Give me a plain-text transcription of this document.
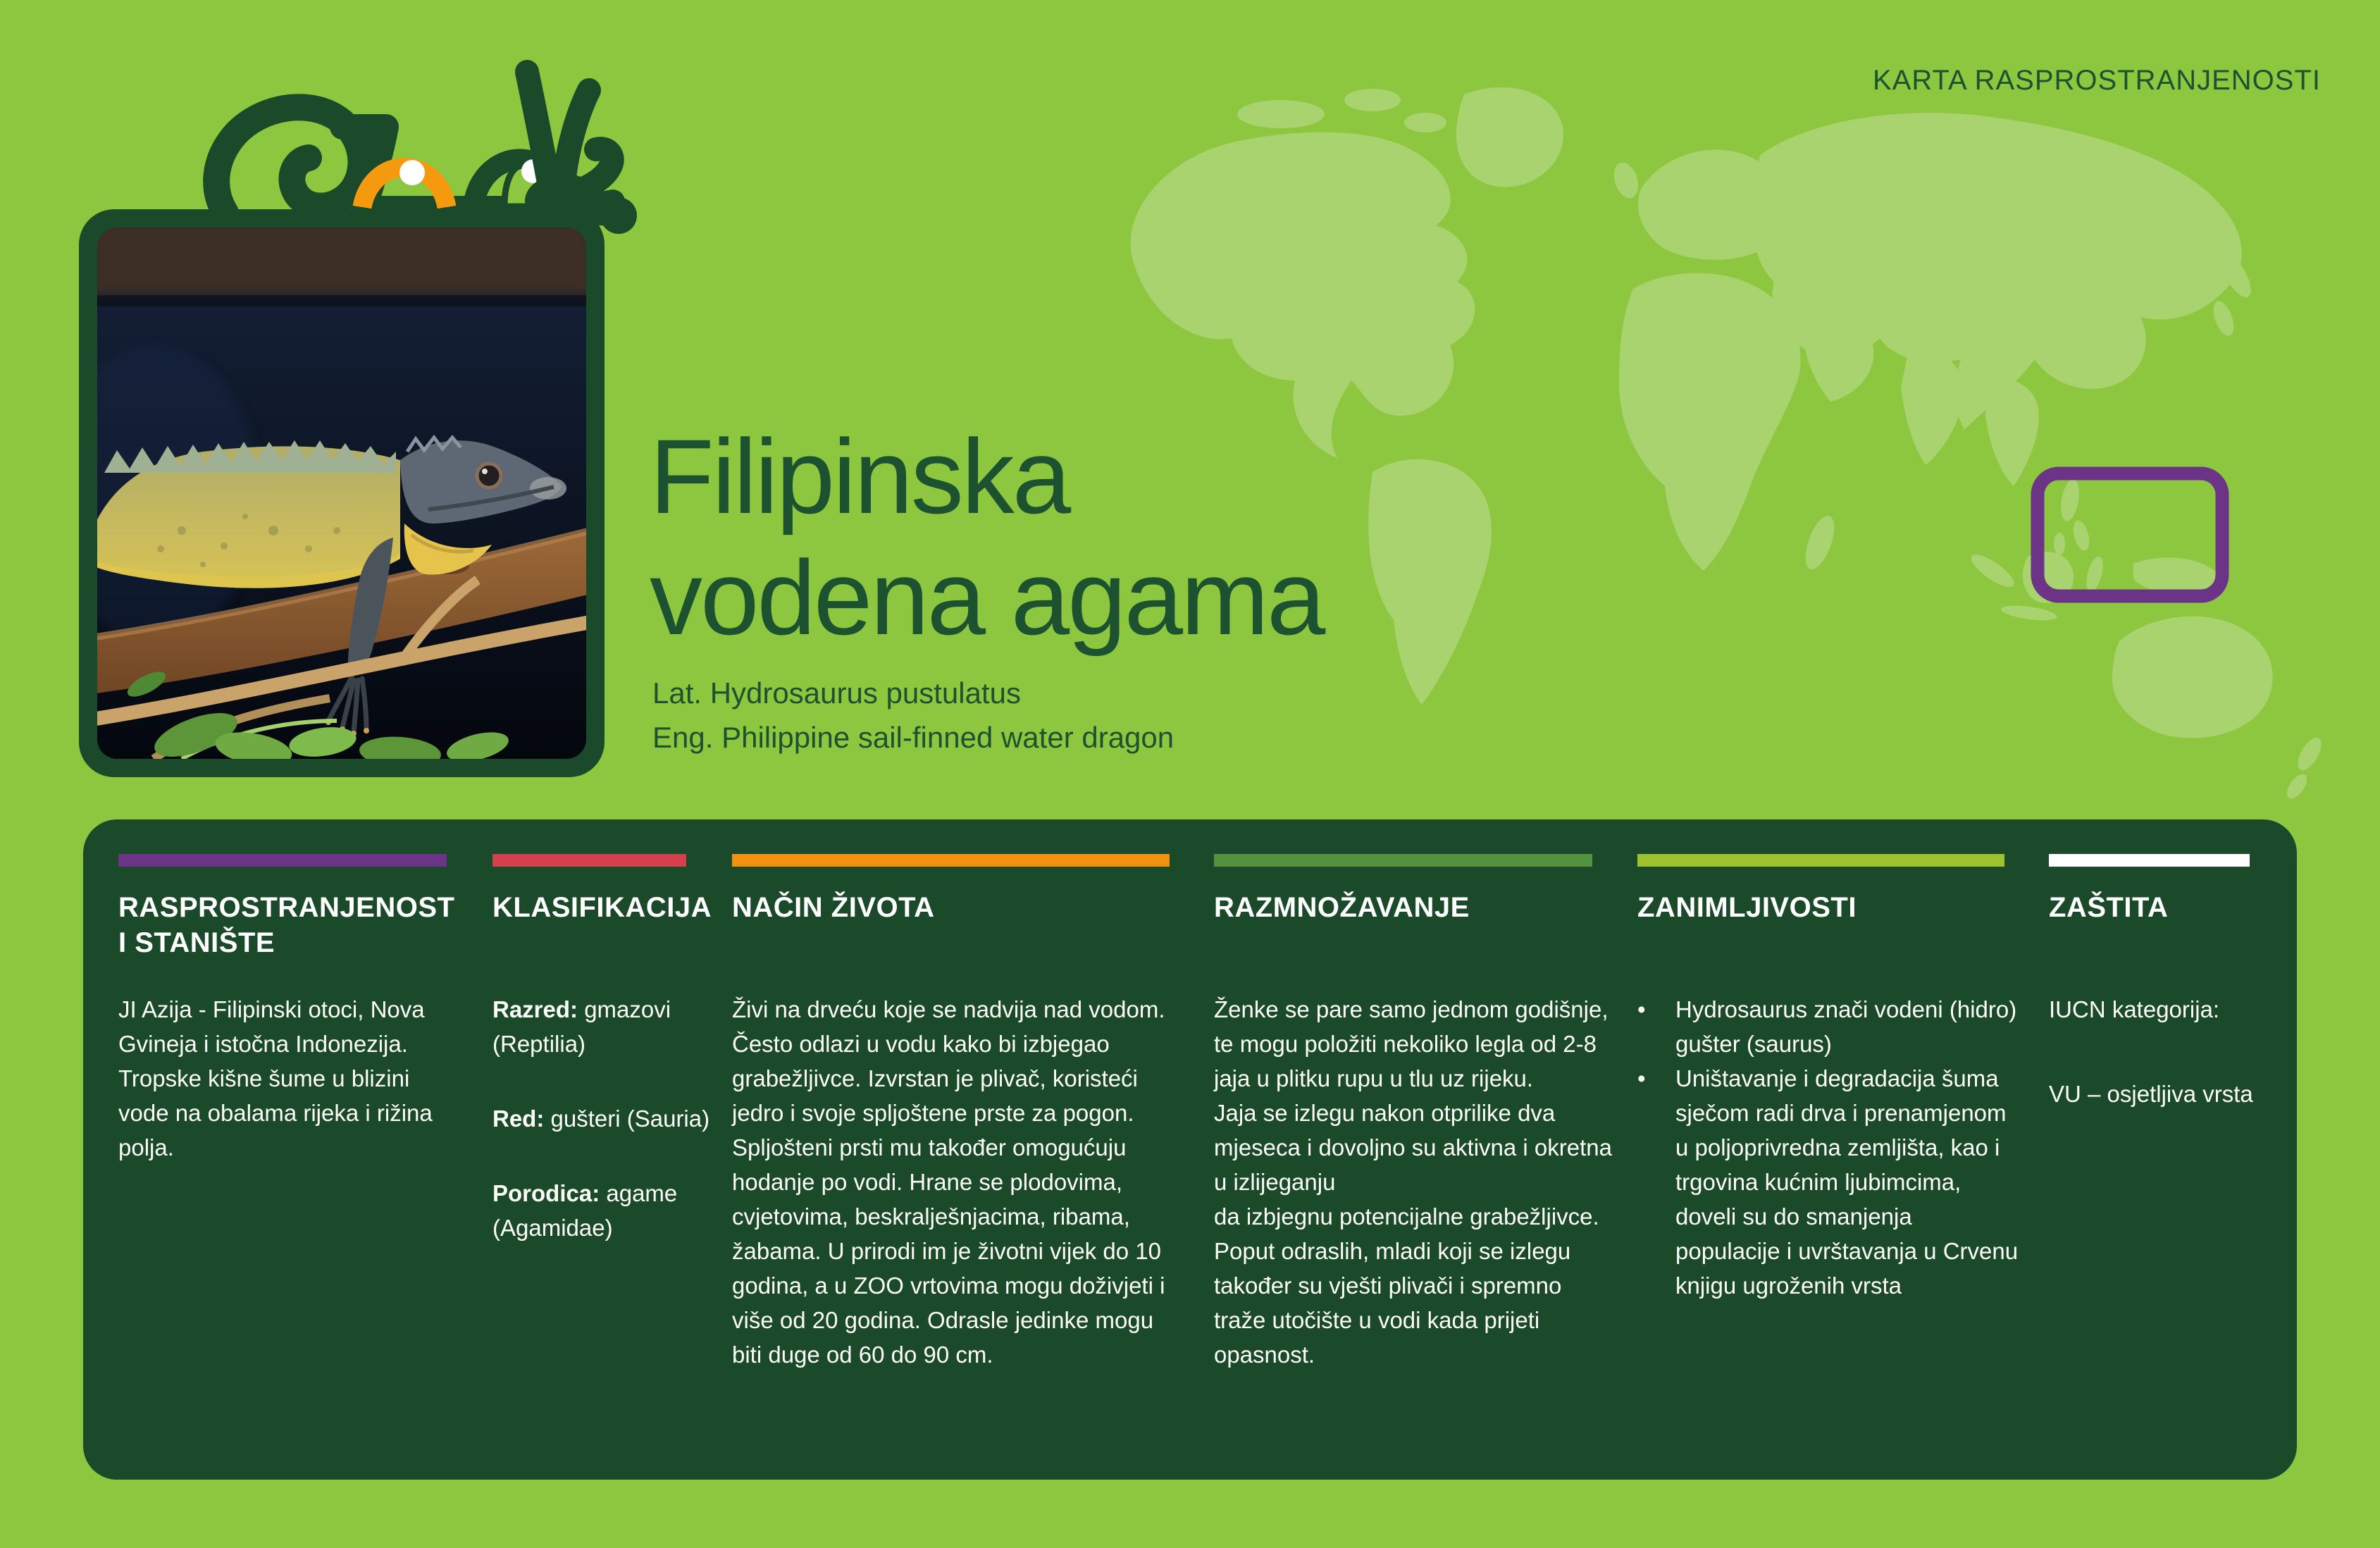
KARTA RASPROSTRANJENOSTI
Filipinska
vodena agama
Lat. Hydrosaurus pustulatus
Eng. Philippine sail-finned water dragon
RASPROSTRANJENOST
I STANIŠTE
JI Azija - Filipinski otoci, Nova Gvineja i istočna Indonezija.
Tropske kišne šume u blizini vode na obalama rijeka i rižina polja.
KLASIFIKACIJA
Razred: gmazovi (Reptilia)
Red: gušteri (Sauria)
Porodica: agame (Agamidae)
NAČIN ŽIVOTA
Živi na drveću koje se nadvija nad vodom. Često odlazi u vodu kako bi izbjegao grabežljivce. Izvrstan je plivač, koristeći jedro i svoje spljoštene prste za pogon. Spljošteni prsti mu također omogućuju hodanje po vodi. Hrane se plodovima, cvjetovima, beskralješnjacima, ribama, žabama. U prirodi im je životni vijek do 10 godina, a u ZOO vrtovima mogu doživjeti i više od 20 godina. Odrasle jedinke mogu biti duge od 60 do 90 cm.
RAZMNOŽAVANJE
Ženke se pare samo jednom godišnje, te mogu položiti nekoliko legla od 2-8 jaja u plitku rupu u tlu uz rijeku.
Jaja se izlegu nakon otprilike dva mjeseca i dovoljno su aktivna i okretna u izlijeganju
da izbjegnu potencijalne grabežljivce. Poput odraslih, mladi koji se izlegu također su vješti plivači i spremno traže utočište u vodi kada prijeti opasnost.
ZANIMLJIVOSTI
•	Hydrosaurus znači vodeni (hidro) gušter (saurus)
•	Uništavanje i degradacija šuma sječom radi drva i prenamjenom u poljoprivredna zemljišta, kao i trgovina kućnim ljubimcima, doveli su do smanjenja populacije i uvrštavanja u Crvenu knjigu ugroženih vrsta
ZAŠTITA
IUCN kategorija:
VU – osjetljiva vrsta
